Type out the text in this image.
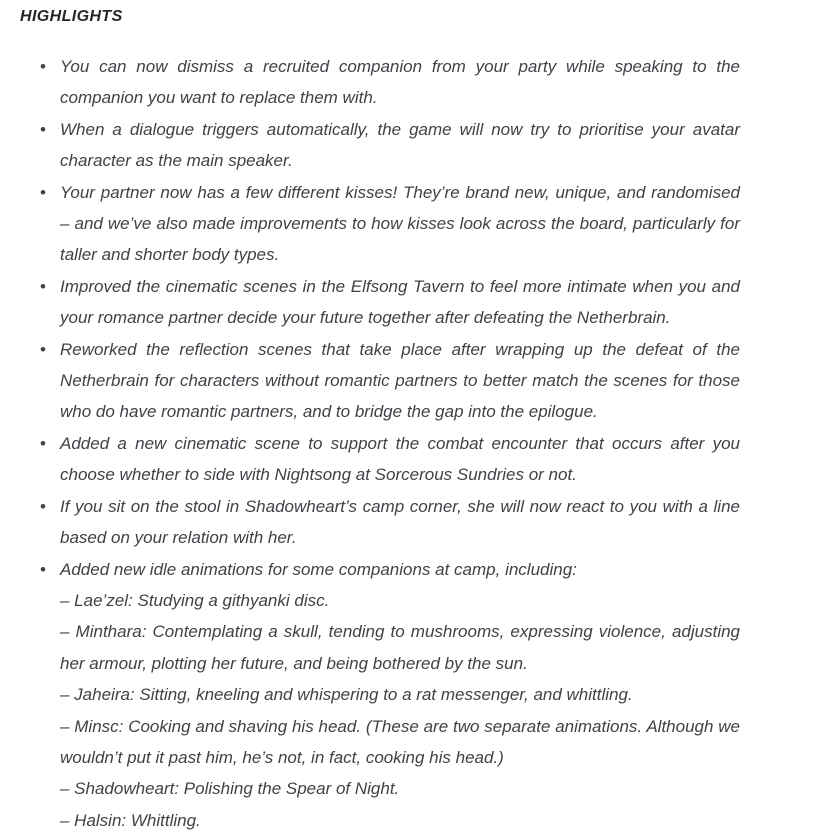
HIGHLIGHTS
• You can now dismiss a recruited companion from your party while speaking to the companion you want to replace them with.
• When a dialogue triggers automatically, the game will now try to prioritise your avatar character as the main speaker.
• Your partner now has a few different kisses! They’re brand new, unique, and randomised – and we’ve also made improvements to how kisses look across the board, particularly for taller and shorter body types.
• Improved the cinematic scenes in the Elfsong Tavern to feel more intimate when you and your romance partner decide your future together after defeating the Netherbrain.
• Reworked the reflection scenes that take place after wrapping up the defeat of the Netherbrain for characters without romantic partners to better match the scenes for those who do have romantic partners, and to bridge the gap into the epilogue.
• Added a new cinematic scene to support the combat encounter that occurs after you choose whether to side with Nightsong at Sorcerous Sundries or not.
• If you sit on the stool in Shadowheart’s camp corner, she will now react to you with a line based on your relation with her.
• Added new idle animations for some companions at camp, including:
– Lae’zel: Studying a githyanki disc.
– Minthara: Contemplating a skull, tending to mushrooms, expressing violence, adjusting her armour, plotting her future, and being bothered by the sun.
– Jaheira: Sitting, kneeling and whispering to a rat messenger, and whittling.
– Minsc: Cooking and shaving his head. (These are two separate animations. Although we wouldn’t put it past him, he’s not, in fact, cooking his head.)
– Shadowheart: Polishing the Spear of Night.
– Halsin: Whittling.
